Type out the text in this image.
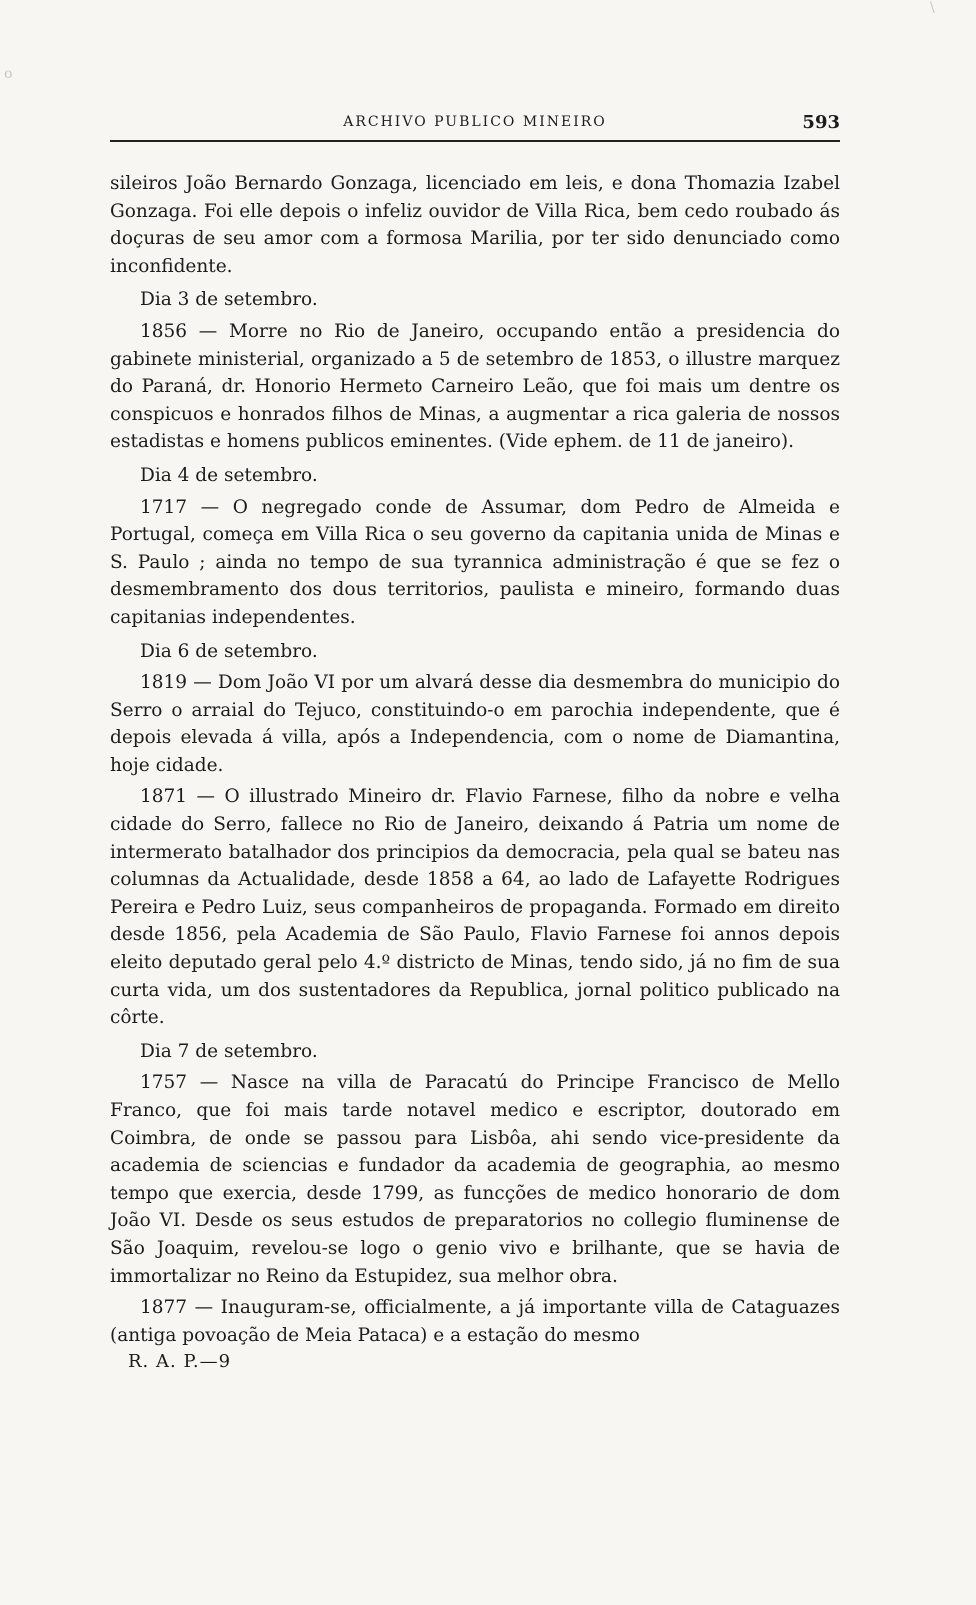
o
\
ARCHIVO PUBLICO MINEIRO	593

sileiros João Bernardo Gonzaga, licenciado em leis, e dona Thomazia Izabel Gonzaga. Foi elle depois o infeliz ouvidor de Villa Rica, bem cedo roubado ás doçuras de seu amor com a formosa Marilia, por ter sido denunciado como inconfidente.

Dia 3 de setembro.

1856 — Morre no Rio de Janeiro, occupando então a presidencia do gabinete ministerial, organizado a 5 de setembro de 1853, o illustre marquez do Paraná, dr. Honorio Hermeto Carneiro Leão, que foi mais um dentre os conspicuos e honrados filhos de Minas, a augmentar a rica galeria de nossos estadistas e homens publicos eminentes. (Vide ephem. de 11 de janeiro).

Dia 4 de setembro.

1717 — O negregado conde de Assumar, dom Pedro de Almeida e Portugal, começa em Villa Rica o seu governo da capitania unida de Minas e S. Paulo ; ainda no tempo de sua tyrannica administração é que se fez o desmembramento dos dous territorios, paulista e mineiro, formando duas capitanias independentes.

Dia 6 de setembro.

1819 — Dom João VI por um alvará desse dia desmembra do municipio do Serro o arraial do Tejuco, constituindo-o em parochia independente, que é depois elevada á villa, após a Independencia, com o nome de Diamantina, hoje cidade.

1871 — O illustrado Mineiro dr. Flavio Farnese, filho da nobre e velha cidade do Serro, fallece no Rio de Janeiro, deixando á Patria um nome de intermerato batalhador dos principios da democracia, pela qual se bateu nas columnas da Actualidade, desde 1858 a 64, ao lado de Lafayette Rodrigues Pereira e Pedro Luiz, seus companheiros de propaganda. Formado em direito desde 1856, pela Academia de São Paulo, Flavio Farnese foi annos depois eleito deputado geral pelo 4.º districto de Minas, tendo sido, já no fim de sua curta vida, um dos sustentadores da Republica, jornal politico publicado na côrte.

Dia 7 de setembro.

1757 — Nasce na villa de Paracatú do Principe Francisco de Mello Franco, que foi mais tarde notavel medico e escriptor, doutorado em Coimbra, de onde se passou para Lisbôa, ahi sendo vice-presidente da academia de sciencias e fundador da academia de geographia, ao mesmo tempo que exercia, desde 1799, as funcções de medico honorario de dom João VI. Desde os seus estudos de preparatorios no collegio fluminense de São Joaquim, revelou-se logo o genio vivo e brilhante, que se havia de immortalizar no Reino da Estupidez, sua melhor obra.

1877 — Inauguram-se, officialmente, a já importante villa de Cataguazes (antiga povoação de Meia Pataca) e a estação do mesmo

R. A. P.—9
